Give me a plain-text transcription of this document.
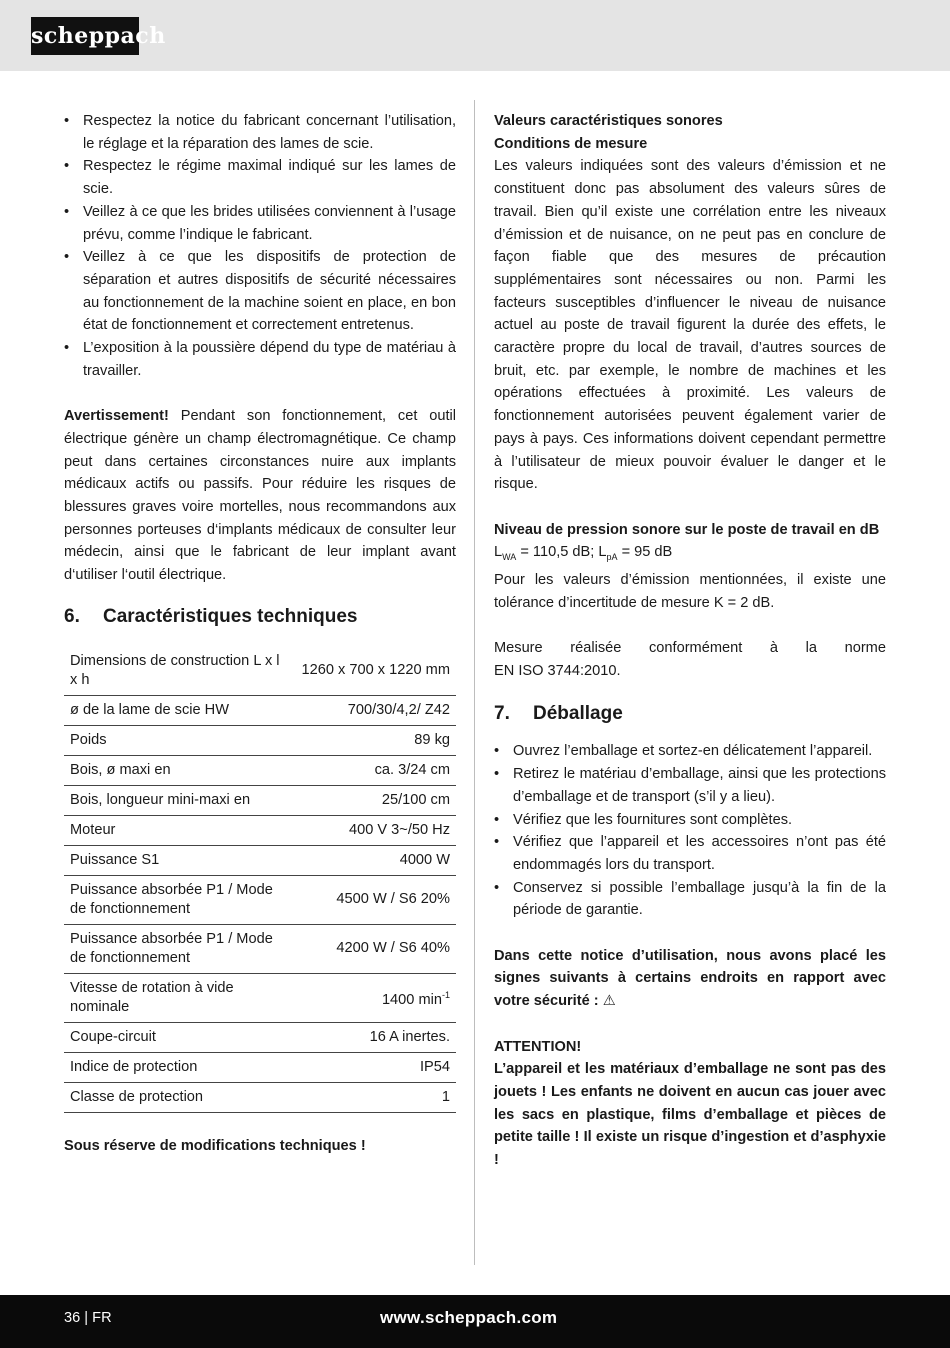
scheppach
• Respectez la notice du fabricant concernant l’utilisation, le réglage et la réparation des lames de scie.
• Respectez le régime maximal indiqué sur les lames de scie.
• Veillez à ce que les brides utilisées conviennent à l’usage prévu, comme l’indique le fabricant.
• Veillez à ce que les dispositifs de protection de séparation et autres dispositifs de sécurité nécessaires au fonctionnement de la machine soient en place, en bon état de fonctionnement et correctement entretenus.
• L’exposition à la poussière dépend du type de matériau à travailler.

Avertissement! Pendant son fonctionnement, cet outil électrique génère un champ électromagnétique. Ce champ peut dans certaines circonstances nuire aux implants médicaux actifs ou passifs. Pour réduire les risques de blessures graves voire mortelles, nous recommandons aux personnes porteuses d‘implants médicaux de consulter leur médecin, ainsi que le fabricant de leur implant avant d‘utiliser l‘outil électrique.

6. Caractéristiques techniques
Dimensions de construction L x l x h	1260 x 700 x 1220 mm
ø de la lame de scie HW	700/30/4,2/ Z42
Poids	89 kg
Bois, ø maxi en	ca. 3/24 cm
Bois, longueur mini-maxi en	25/100 cm
Moteur	400 V 3~/50 Hz
Puissance S1	4000 W
Puissance absorbée P1 / Mode de fonctionnement	4500 W / S6 20%
Puissance absorbée P1 / Mode de fonctionnement	4200 W / S6 40%
Vitesse de rotation à vide nominale	1400 $\min^{-1}$
Coupe-circuit	16 A inertes.
Indice de protection	IP54
Classe de protection	1

Sous réserve de modifications techniques !

Valeurs caractéristiques sonores

Conditions de mesure

Les valeurs indiquées sont des valeurs d’émission et ne constituent donc pas absolument des valeurs sûres de travail. Bien qu’il existe une corrélation entre les niveaux d’émission et de nuisance, on ne peut pas en conclure de façon fiable que des mesures de précaution supplémentaires sont nécessaires ou non. Parmi les facteurs susceptibles d’influencer le niveau de nuisance actuel au poste de travail figurent la durée des effets, le caractère propre du local de travail, d’autres sources de bruit, etc. par exemple, le nombre de machines et les opérations effectuées à proximité. Les valeurs de fonctionnement autorisées peuvent également varier de pays à pays. Ces informations doivent cependant permettre à l’utilisateur de mieux pouvoir évaluer le danger et le risque.

Niveau de pression sonore sur le poste de travail en dB

$L_{WA} = 110,5$ dB; $L_{pA} = 95$ dB

Pour les valeurs d’émission mentionnées, il existe une tolérance d’incertitude de mesure K = 2 dB.

Mesure réalisée conformément à la norme

EN ISO 3744:2010.

7. Déballage
• Ouvrez l’emballage et sortez-en délicatement l’appareil.
• Retirez le matériau d’emballage, ainsi que les protections d’emballage et de transport (s’il y a lieu).
• Vérifiez que les fournitures sont complètes.
• Vérifiez que l’appareil et les accessoires n’ont pas été endommagés lors du transport.
• Conservez si possible l’emballage jusqu’à la fin de la période de garantie.

Dans cette notice d’utilisation, nous avons placé les signes suivants à certains endroits en rapport avec votre sécurité : ⚠

ATTENTION!

L’appareil et les matériaux d’emballage ne sont pas des jouets ! Les enfants ne doivent en aucun cas jouer avec les sacs en plastique, films d’emballage et pièces de petite taille ! Il existe un risque d’ingestion et d’asphyxie !

36 | FR	www.scheppach.com
